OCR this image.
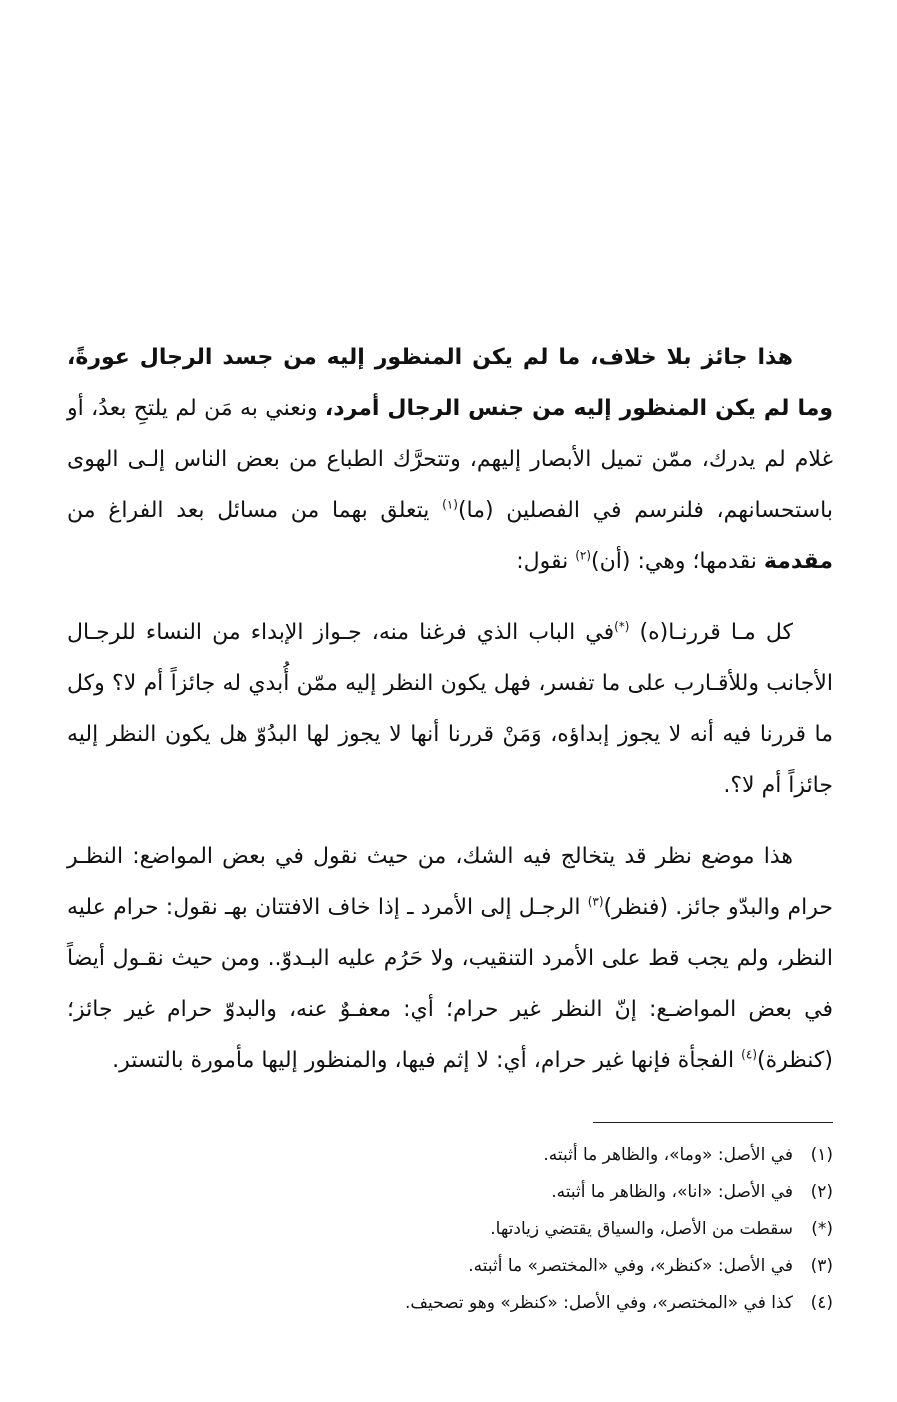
هذا جائز بلا خلاف، ما لم يكن المنظور إليه من جسد الرجال عورةً، وما لم يكن المنظور إليه من جنس الرجال أمرد، ونعني به مَن لم يلتحِ بعدُ، أو غلام لم يدرك، ممّن تميل الأبصار إليهم، وتتحرَّك الطباع من بعض الناس إلـى الهوى باستحسانهم، فلنرسم في الفصلين (ما)$^{(١)}$ يتعلق بهما من مسائل بعد الفراغ من مقدمة نقدمها؛ وهي: (أن)$^{(٢)}$ نقول:

كل مـا قررنـا(ه) (*)في الباب الذي فرغنا منه، جـواز الإبداء من النساء للرجـال الأجانب وللأقـارب على ما تفسر، فهل يكون النظر إليه ممّن أُبدي له جائزاً أم لا؟ وكل ما قررنا فيه أنه لا يجوز إبداؤه، وَمَنْ قررنا أنها لا يجوز لها البدُوّ هل يكون النظر إليه جائزاً أم لا؟.

هذا موضع نظر قد يتخالج فيه الشك، من حيث نقول في بعض المواضع: النظـر حرام والبدّو جائز. (فنظر)$^{(٣)}$ الرجـل إلى الأمرد ـ إذا خاف الافتتان بهـ نقول: حرام عليه النظر، ولم يجب قط على الأمرد التنقيب، ولا حَرُم عليه البـدوّ.. ومن حيث نقـول أيضاً في بعض المواضـع: إنّ النظر غير حرام؛ أي: معفـوٌ عنه، والبدوّ حرام غير جائز؛ (كنظرة)$^{(٤)}$ الفجأة فإنها غير حرام، أي: لا إثم فيها، والمنظور إليها مأمورة بالتستر.

(١)في الأصل: «وما»، والظاهر ما أثبته.
(٢)في الأصل: «انا»، والظاهر ما أثبته.
(*)سقطت من الأصل، والسياق يقتضي زيادتها.
(٣)في الأصل: «كنظر»، وفي «المختصر» ما أثبته.
(٤)كذا في «المختصر»، وفي الأصل: «كنظر» وهو تصحيف.
